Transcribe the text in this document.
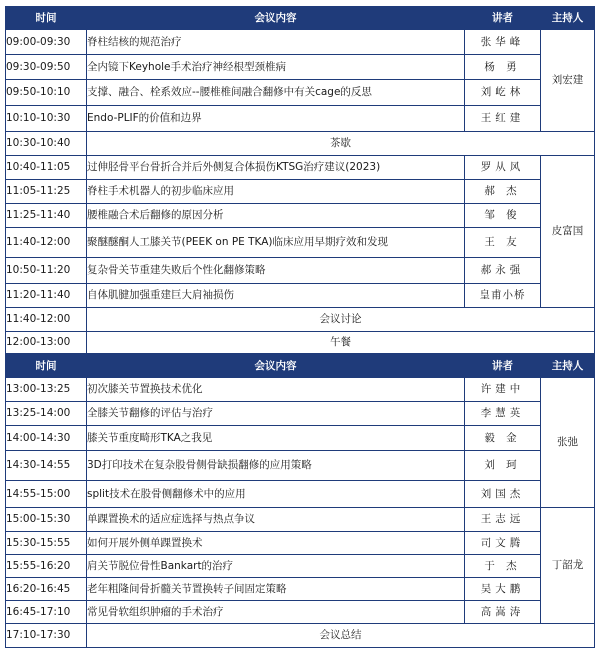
时间	会议内容	讲者	主持人
09:00-09:30	脊柱结核的规范治疗	张华峰	刘宏建
09:30-09:50	全内镜下Keyhole手术治疗神经根型颈椎病	杨 勇	
09:50-10:10	支撑、融合、栓系效应--腰椎椎间融合翻修中有关cage的反思	刘屹林	
10:10-10:30	Endo-PLIF的价值和边界	王红建	
10:30-10:40	茶歇		
10:40-11:05	过伸胫骨平台骨折合并后外侧复合体损伤KTSG治疗建议(2023)	罗从风	皮富国
11:05-11:25	脊柱手术机器人的初步临床应用	郝 杰	
11:25-11:40	腰椎融合术后翻修的原因分析	邹 俊	
11:40-12:00	聚醚醚酮人工膝关节(PEEK on PE TKA)临床应用早期疗效和发现	王 友	
10:50-11:20	复杂骨关节重建失败后个性化翻修策略	郝永强	
11:20-11:40	自体肌腱加强重建巨大肩袖损伤	皇甫小桥	
11:40-12:00	会议讨论		
12:00-13:00	午餐		
时间	会议内容	讲者	主持人
13:00-13:25	初次膝关节置换技术优化	许建中	张弛
13:25-14:00	全膝关节翻修的评估与治疗	李慧英	
14:00-14:30	膝关节重度畸形TKA之我见	毅 金	
14:30-14:55	3D打印技术在复杂股骨侧骨缺损翻修的应用策略	刘 珂	
14:55-15:00	split技术在股骨侧翻修术中的应用	刘国杰	
15:00-15:30	单踝置换术的适应症选择与热点争议	王志远	丁韶龙
15:30-15:55	如何开展外侧单踝置换术	司文腾	
15:55-16:20	肩关节脱位骨性Bankart的治疗	于 杰	
16:20-16:45	老年粗隆间骨折髓关节置换转子间固定策略	吴大鹏	
16:45-17:10	常见骨软组织肿瘤的手术治疗	高嵩涛	
17:10-17:30	会议总结		
